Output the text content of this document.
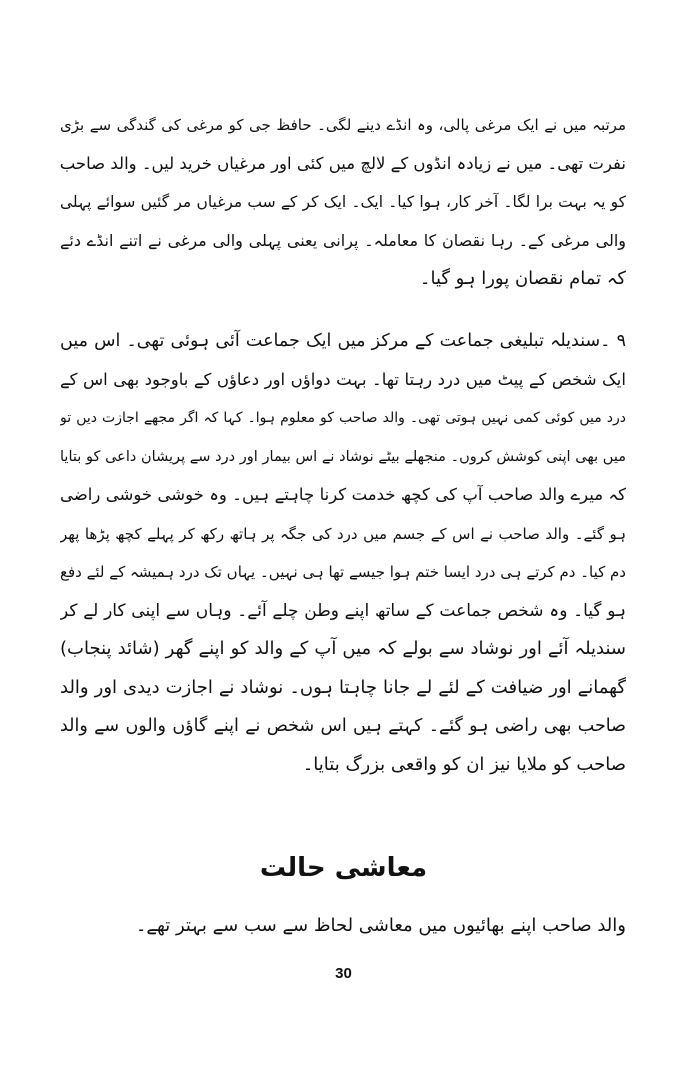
مرتبہ میں نے ایک مرغی پالی، وہ انڈے دینے لگی۔ حافظ جی کو مرغی کی گندگی سے بڑی
نفرت تھی۔ میں نے زیادہ انڈوں کے لالچ میں کئی اور مرغیاں خرید لیں۔ والد صاحب
کو یہ بہت برا لگا۔ آخر کار، ہوا کیا۔ ایک۔ ایک کر کے سب مرغیاں مر گئیں سوائے پہلی
والی مرغی کے۔ رہا نقصان کا معاملہ۔ پرانی یعنی پہلی والی مرغی نے اتنے انڈے دئے
کہ تمام نقصان پورا ہو گیا۔
۹ ۔سندیلہ تبلیغی جماعت کے مرکز میں ایک جماعت آئی ہوئی تھی۔ اس میں
ایک شخص کے پیٹ میں درد رہتا تھا۔ بہت دواؤں اور دعاؤں کے باوجود بھی اس کے
درد میں کوئی کمی نہیں ہوتی تھی۔ والد صاحب کو معلوم ہوا۔ کہا کہ اگر مجھے اجازت دیں تو
میں بھی اپنی کوشش کروں۔ منجھلے بیٹے نوشاد نے اس بیمار اور درد سے پریشان داعی کو بتایا
کہ میرے والد صاحب آپ کی کچھ خدمت کرنا چاہتے ہیں۔ وہ خوشی خوشی راضی
ہو گئے۔ والد صاحب نے اس کے جسم میں درد کی جگہ پر ہاتھ رکھ کر پہلے کچھ پڑھا پھر
دم کیا۔ دم کرتے ہی درد ایسا ختم ہوا جیسے تھا ہی نہیں۔ یہاں تک درد ہمیشہ کے لئے دفع
ہو گیا۔ وہ شخص جماعت کے ساتھ اپنے وطن چلے آئے۔ وہاں سے اپنی کار لے کر
سندیلہ آئے اور نوشاد سے بولے کہ میں آپ کے والد کو اپنے گھر (شائد پنجاب)
گھمانے اور ضیافت کے لئے لے جانا چاہتا ہوں۔ نوشاد نے اجازت دیدی اور والد
صاحب بھی راضی ہو گئے۔ کہتے ہیں اس شخص نے اپنے گاؤں والوں سے والد
صاحب کو ملایا نیز ان کو واقعی بزرگ بتایا۔
معاشی حالت
والد صاحب اپنے بھائیوں میں معاشی لحاظ سے سب سے بہتر تھے۔
30
